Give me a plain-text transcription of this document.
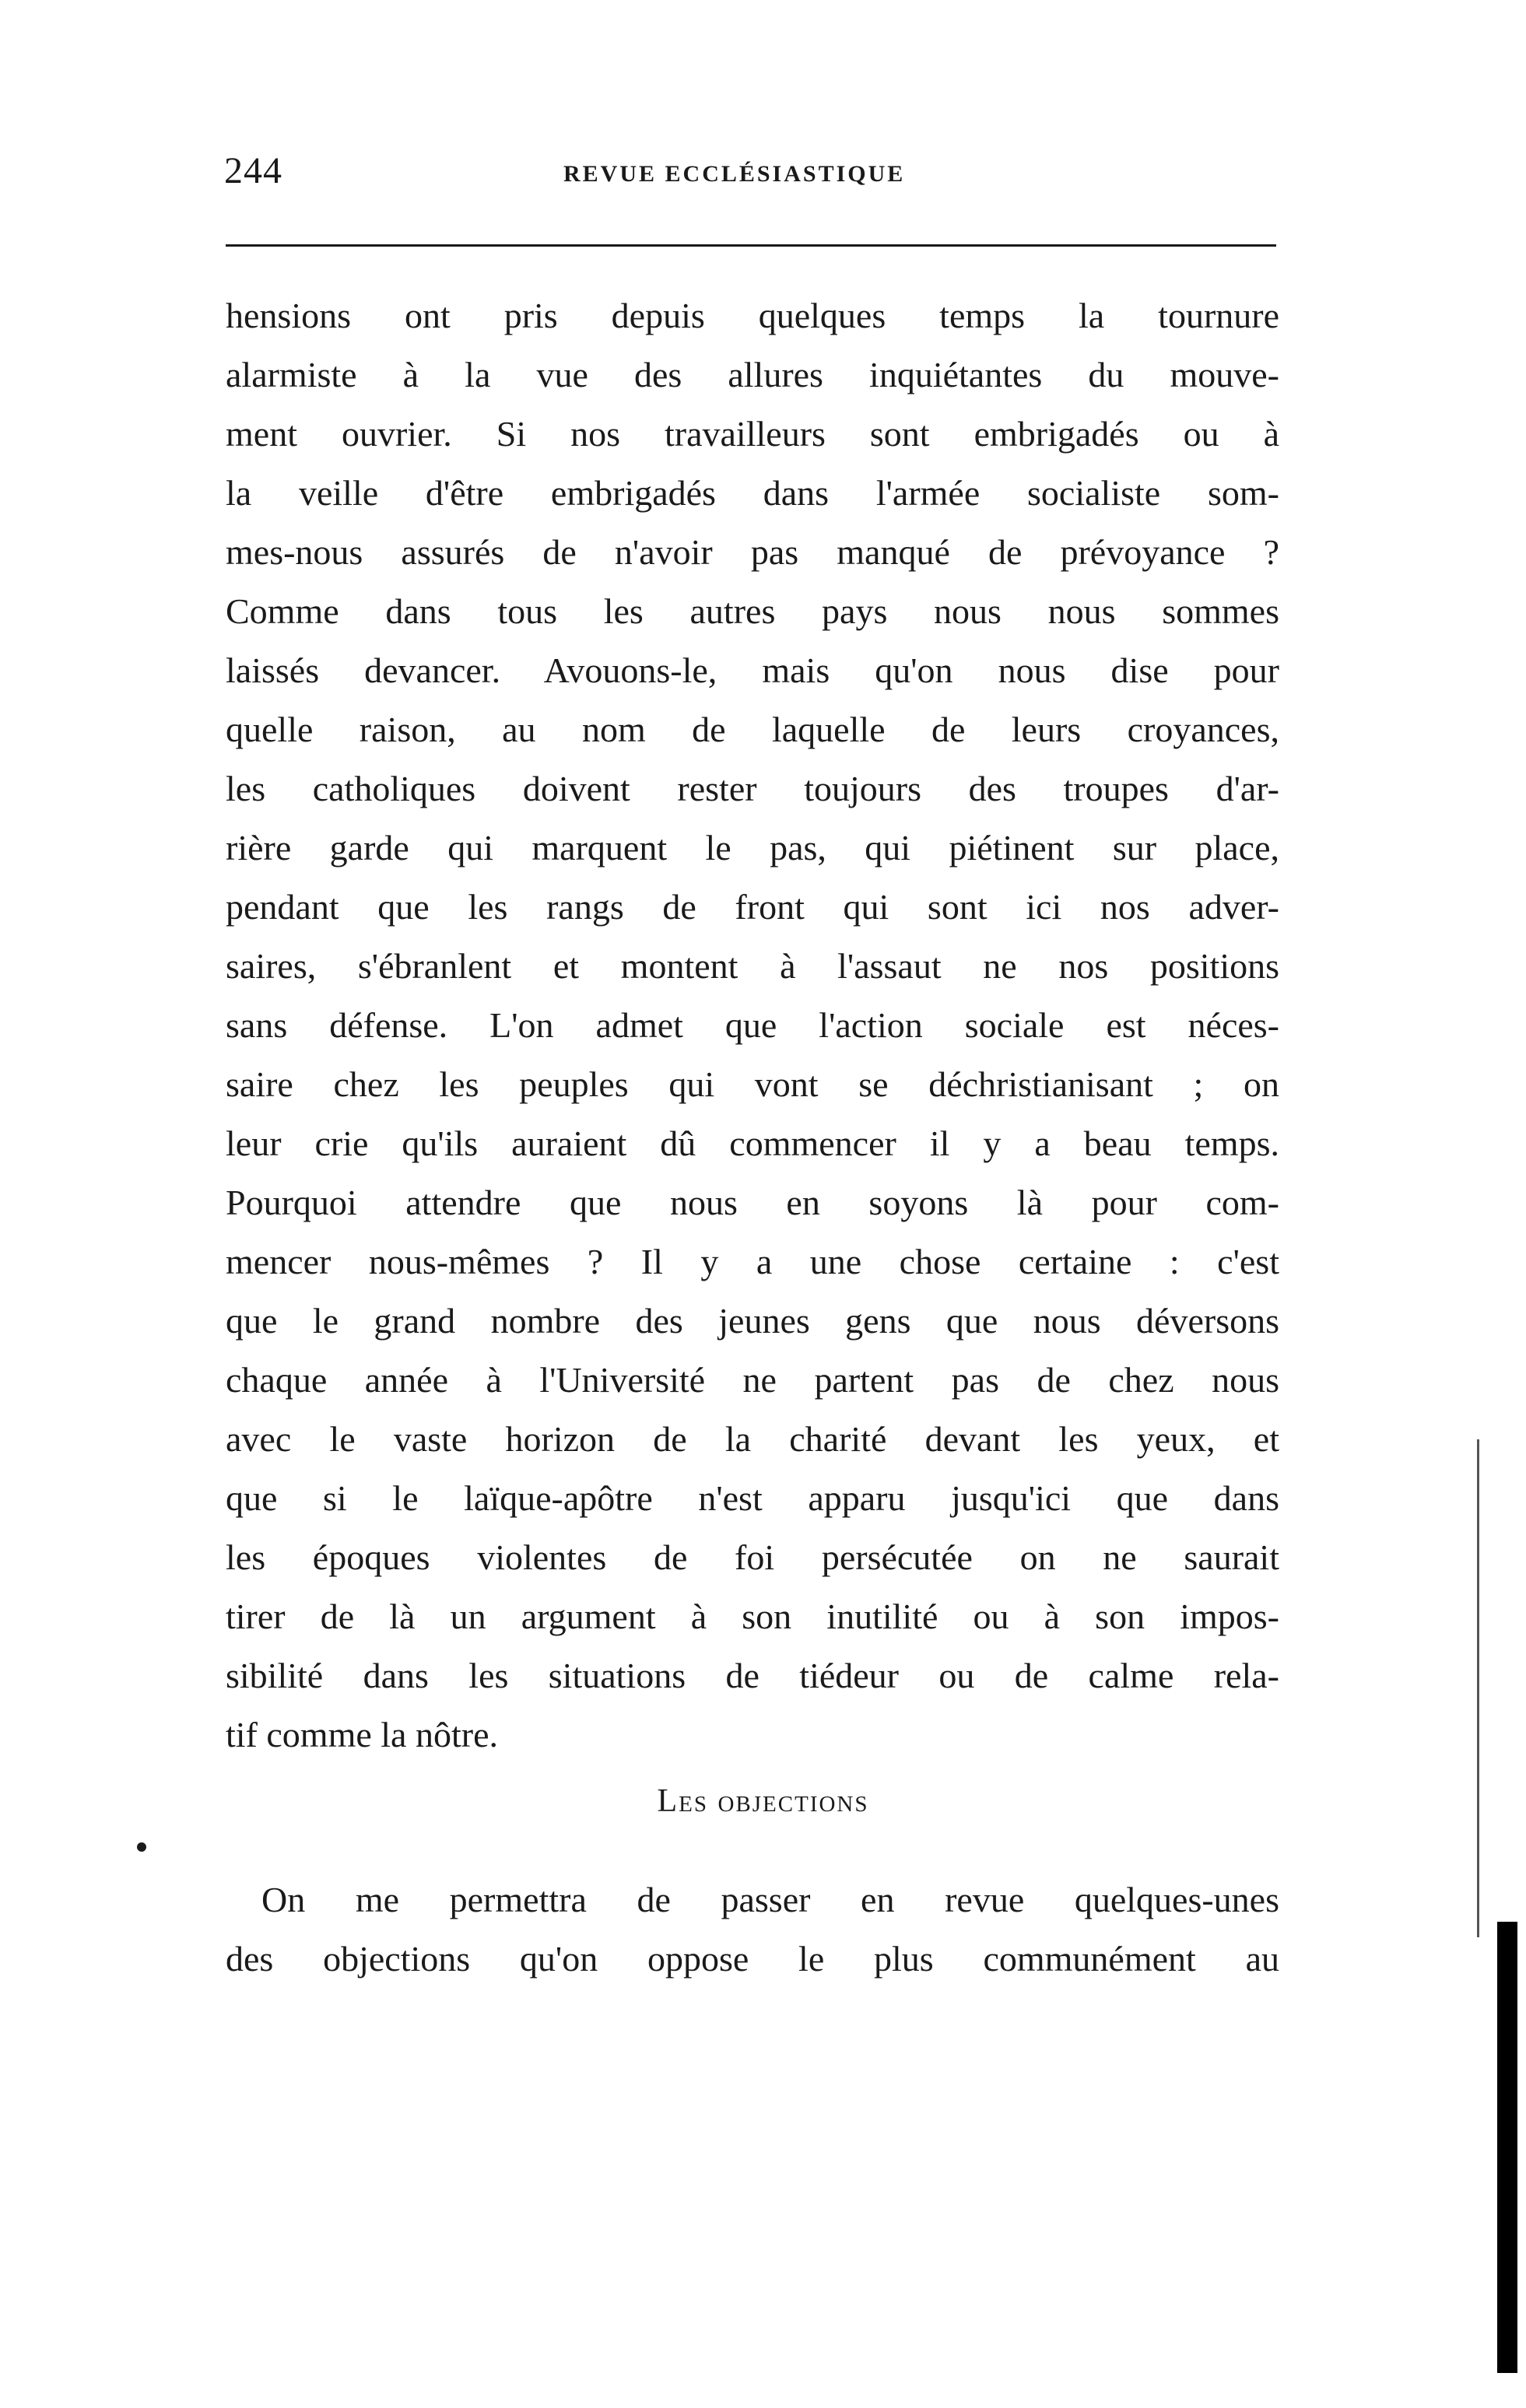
244	REVUE ECCLÉSIASTIQUE
hensions ont pris depuis quelques temps la tournure
alarmiste à la vue des allures inquiétantes du mouve-
ment ouvrier. Si nos travailleurs sont embrigadés ou à
la veille d'être embrigadés dans l'armée socialiste som-
mes-nous assurés de n'avoir pas manqué de prévoyance ?
Comme dans tous les autres pays nous nous sommes
laissés devancer. Avouons-le, mais qu'on nous dise pour
quelle raison, au nom de laquelle de leurs croyances,
les catholiques doivent rester toujours des troupes d'ar-
rière garde qui marquent le pas, qui piétinent sur place,
pendant que les rangs de front qui sont ici nos adver-
saires, s'ébranlent et montent à l'assaut ne nos positions
sans défense. L'on admet que l'action sociale est néces-
saire chez les peuples qui vont se déchristianisant ; on
leur crie qu'ils auraient dû commencer il y a beau temps.
Pourquoi attendre que nous en soyons là pour com-
mencer nous-mêmes ? Il y a une chose certaine : c'est
que le grand nombre des jeunes gens que nous déversons
chaque année à l'Université ne partent pas de chez nous
avec le vaste horizon de la charité devant les yeux, et
que si le laïque-apôtre n'est apparu jusqu'ici que dans
les époques violentes de foi persécutée on ne saurait
tirer de là un argument à son inutilité ou à son impos-
sibilité dans les situations de tiédeur ou de calme rela-
tif comme la nôtre.
Les objections
On me permettra de passer en revue quelques-unes
des objections qu'on oppose le plus communément au
